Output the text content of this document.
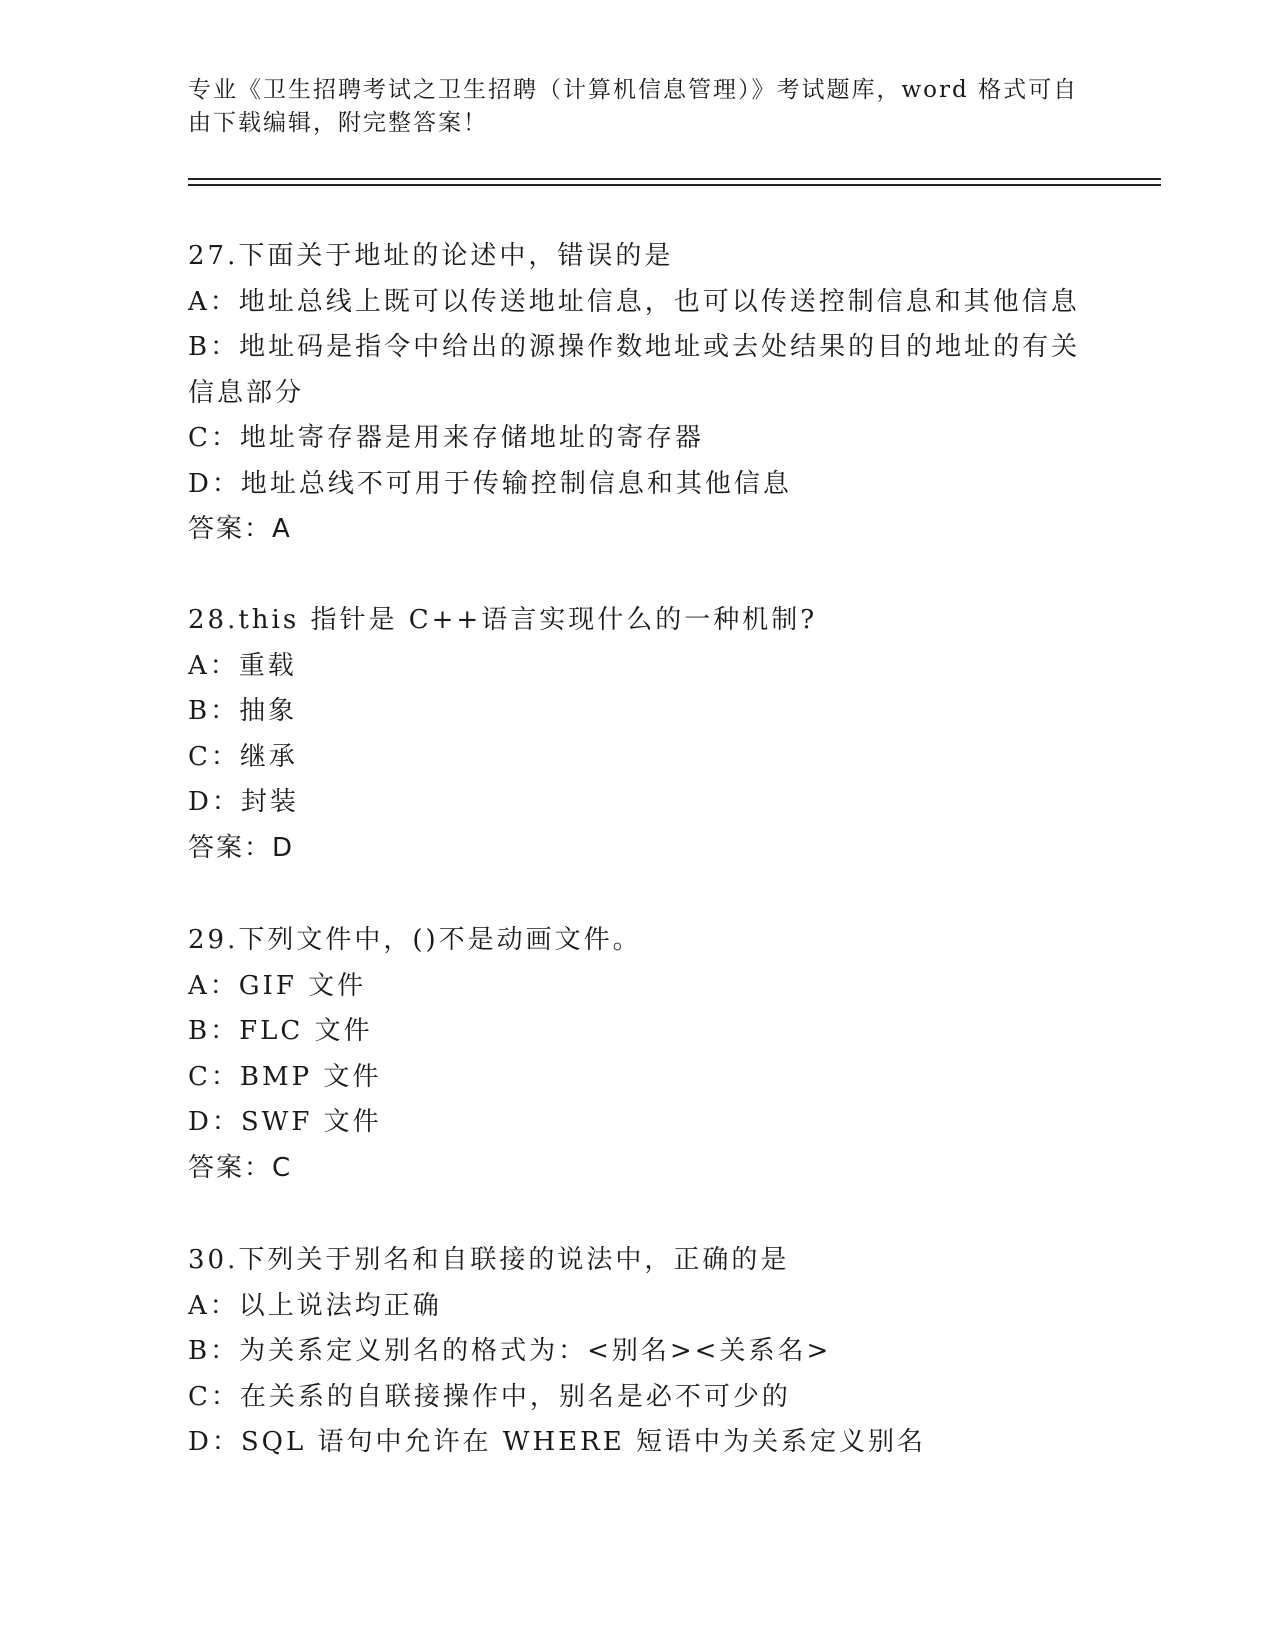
专业《卫生招聘考试之卫生招聘（计算机信息管理）》考试题库，word 格式可自由下载编辑，附完整答案！
27.下面关于地址的论述中，错误的是
A：地址总线上既可以传送地址信息，也可以传送控制信息和其他信息
B：地址码是指令中给出的源操作数地址或去处结果的目的地址的有关信息部分
C：地址寄存器是用来存储地址的寄存器
D：地址总线不可用于传输控制信息和其他信息
答案：A
28.this 指针是 C++语言实现什么的一种机制?
A：重载
B：抽象
C：继承
D：封装
答案：D
29.下列文件中，()不是动画文件。
A：GIF 文件
B：FLC 文件
C：BMP 文件
D：SWF 文件
答案：C
30.下列关于别名和自联接的说法中，正确的是
A：以上说法均正确
B：为关系定义别名的格式为：<别名><关系名>
C：在关系的自联接操作中，别名是必不可少的
D：SQL 语句中允许在 WHERE 短语中为关系定义别名
